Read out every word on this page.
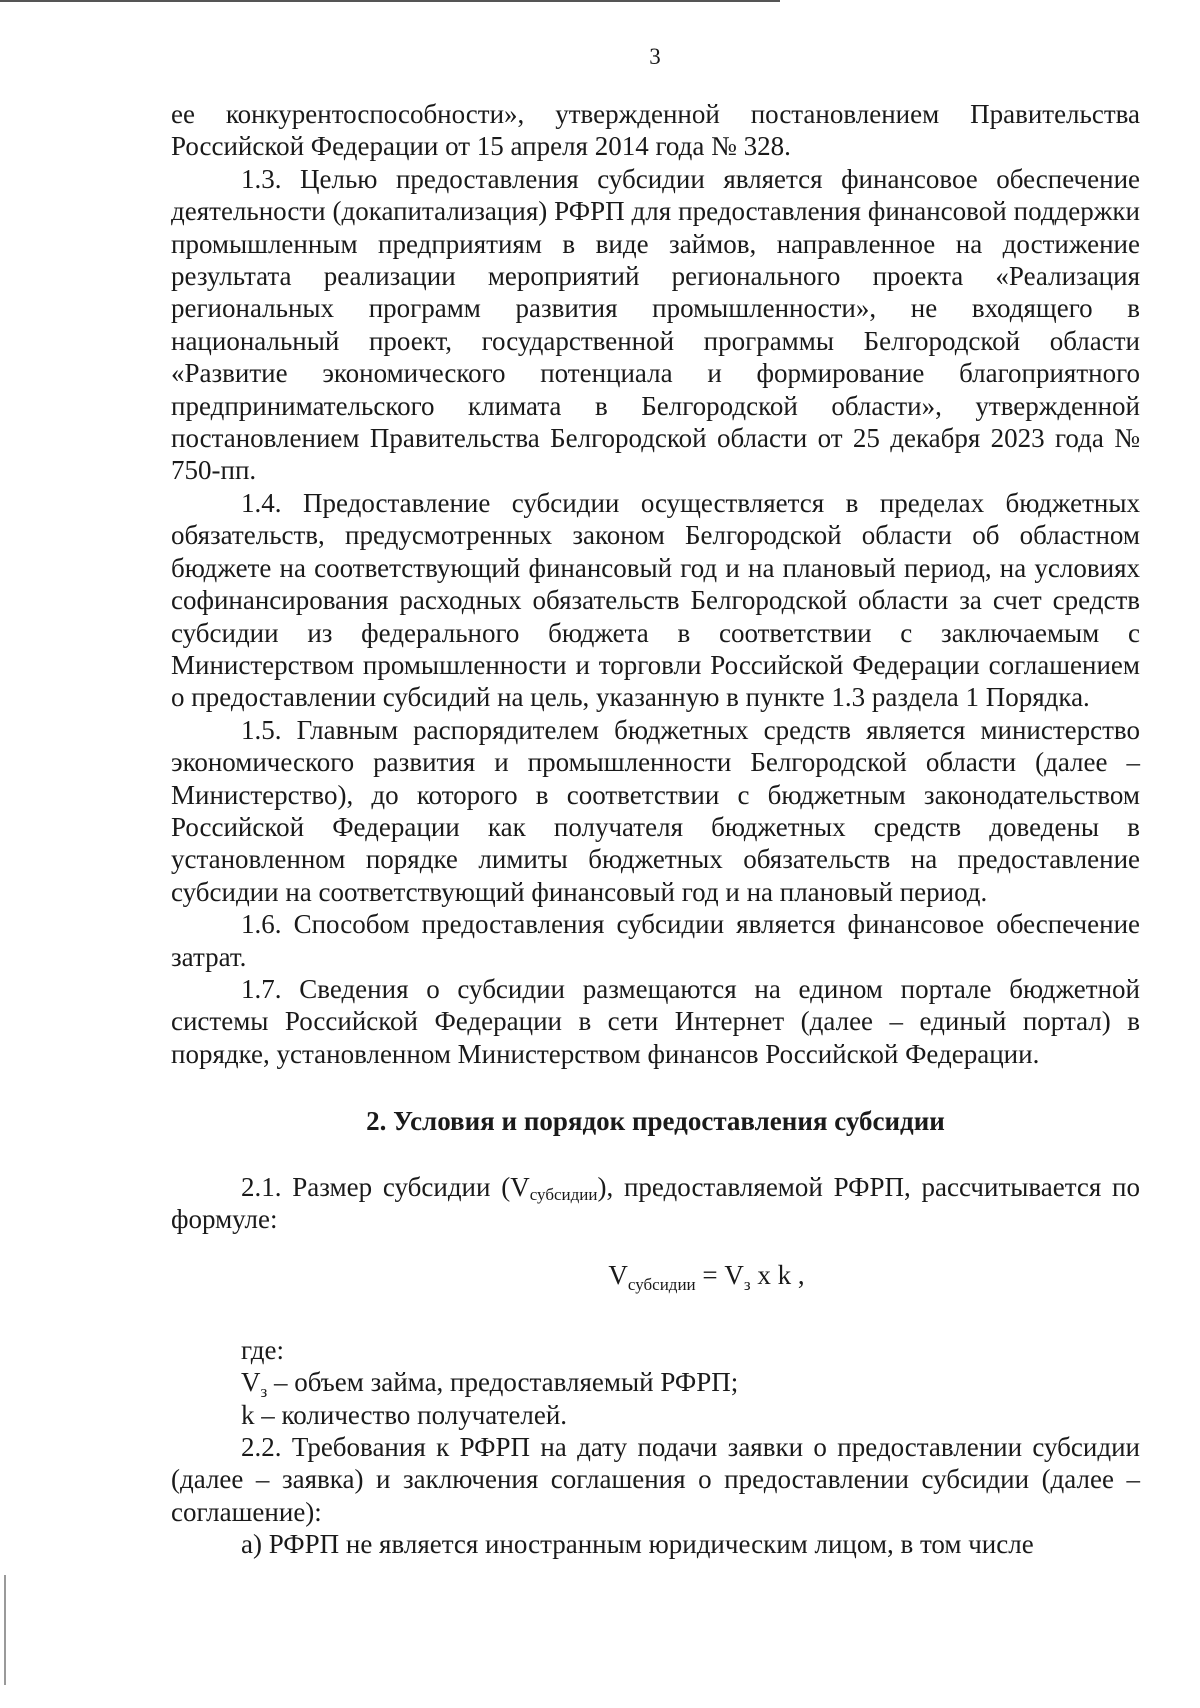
3

ее конкурентоспособности», утвержденной постановлением Правительства Российской Федерации от 15 апреля 2014 года № 328.

1.3. Целью предоставления субсидии является финансовое обеспечение деятельности (докапитализация) РФРП для предоставления финансовой поддержки промышленным предприятиям в виде займов, направленное на достижение результата реализации мероприятий регионального проекта «Реализация региональных программ развития промышленности», не входящего в национальный проект, государственной программы Белгородской области «Развитие экономического потенциала и формирование благоприятного предпринимательского климата в Белгородской области», утвержденной постановлением Правительства Белгородской области от 25 декабря 2023 года № 750-пп.

1.4. Предоставление субсидии осуществляется в пределах бюджетных обязательств, предусмотренных законом Белгородской области об областном бюджете на соответствующий финансовый год и на плановый период, на условиях софинансирования расходных обязательств Белгородской области за счет средств субсидии из федерального бюджета в соответствии с заключаемым с Министерством промышленности и торговли Российской Федерации соглашением о предоставлении субсидий на цель, указанную в пункте 1.3 раздела 1 Порядка.

1.5. Главным распорядителем бюджетных средств является министерство экономического развития и промышленности Белгородской области (далее – Министерство), до которого в соответствии с бюджетным законодательством Российской Федерации как получателя бюджетных средств доведены в установленном порядке лимиты бюджетных обязательств на предоставление субсидии на соответствующий финансовый год и на плановый период.

1.6. Способом предоставления субсидии является финансовое обеспечение затрат.

1.7. Сведения о субсидии размещаются на едином портале бюджетной системы Российской Федерации в сети Интернет (далее – единый портал) в порядке, установленном Министерством финансов Российской Федерации.

2. Условия и порядок предоставления субсидии

2.1. Размер субсидии (Vсубсидии), предоставляемой РФРП, рассчитывается по формуле:

$V_{субсидии} = V_з$ x k ,
где:
$V_з$ – объем займа, предоставляемый РФРП;
k – количество получателей.

2.2. Требования к РФРП на дату подачи заявки о предоставлении субсидии (далее – заявка) и заключения соглашения о предоставлении субсидии (далее – соглашение):

а) РФРП не является иностранным юридическим лицом, в том числе
